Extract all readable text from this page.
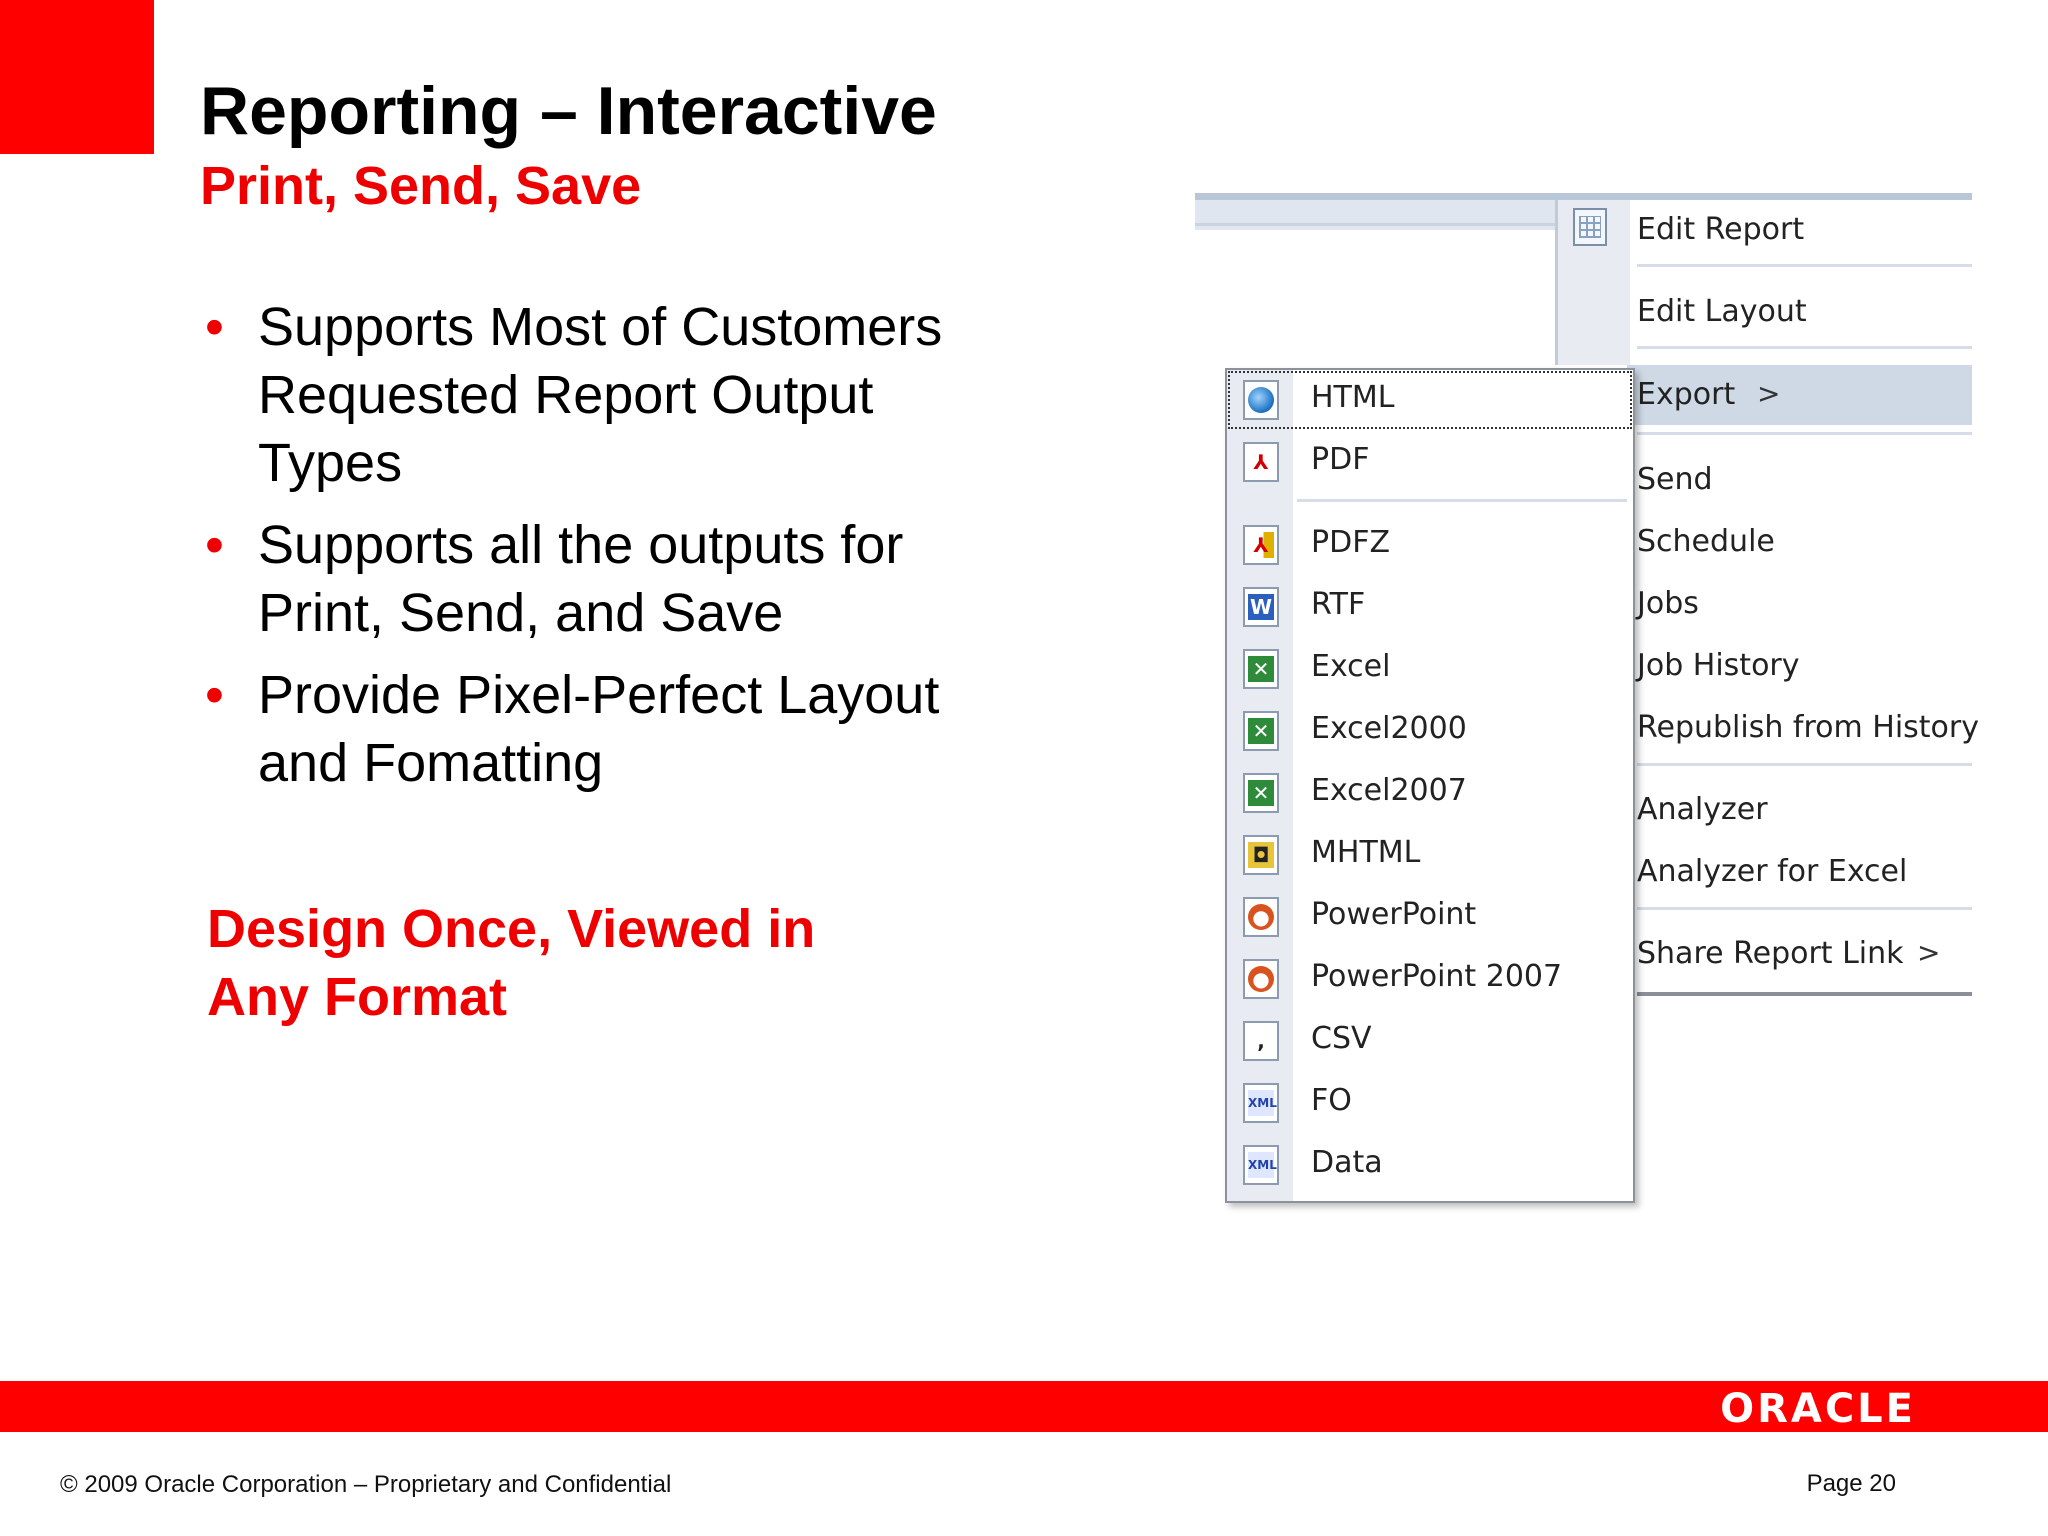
Reporting – Interactive
Print, Send, Save
• Supports Most of Customers Requested Report Output Types
• Supports all the outputs for Print, Send, and Save
• Provide Pixel-Perfect Layout and Fomatting
Design Once, Viewed in Any Format
Edit Report
Edit Layout
Export >
Send
Schedule
Jobs
Job History
Republish from History
Analyzer
Analyzer for Excel
Share Report Link >
HTML
⅄ PDF
⅄ PDFZ
W RTF
✕ Excel
✕ Excel2000
✕ Excel2007
◘ MHTML
● PowerPoint
● PowerPoint 2007
,	CSV
XML FO
XML Data
ORACLE
© 2009 Oracle Corporation – Proprietary and Confidential	Page 20
